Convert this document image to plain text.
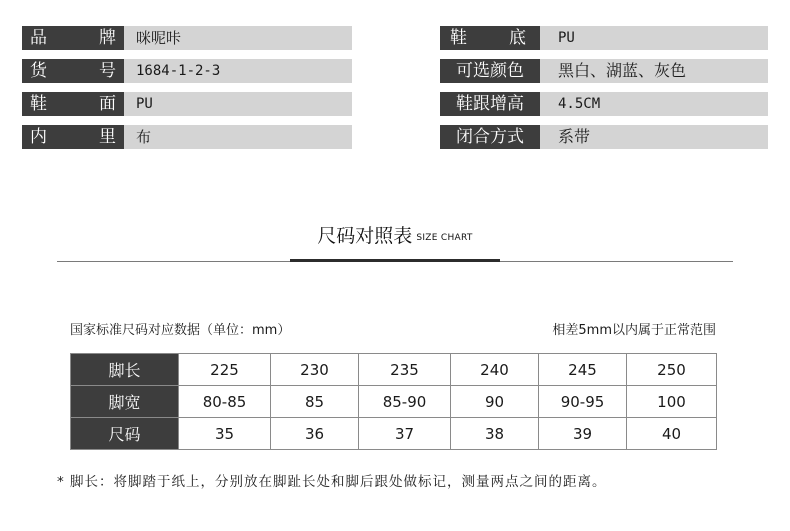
品	牌	咪呢咔
货	号	1684-1-2-3
鞋	面	PU
内	里	布
鞋 底	PU
可选颜色	黑白、湖蓝、灰色
鞋跟增高	4.5CM
闭合方式	系带
尺码对照表 SIZE CHART
国家标准尺码对应数据（单位：mm）	相差5mm以内属于正常范围
脚长	225	230	235	240	245	250
脚宽	80-85	85	85-90	90	90-95	100
尺码	35	36	37	38	39	40
* 脚长：将脚踏于纸上，分别放在脚趾长处和脚后跟处做标记，测量两点之间的距离。
